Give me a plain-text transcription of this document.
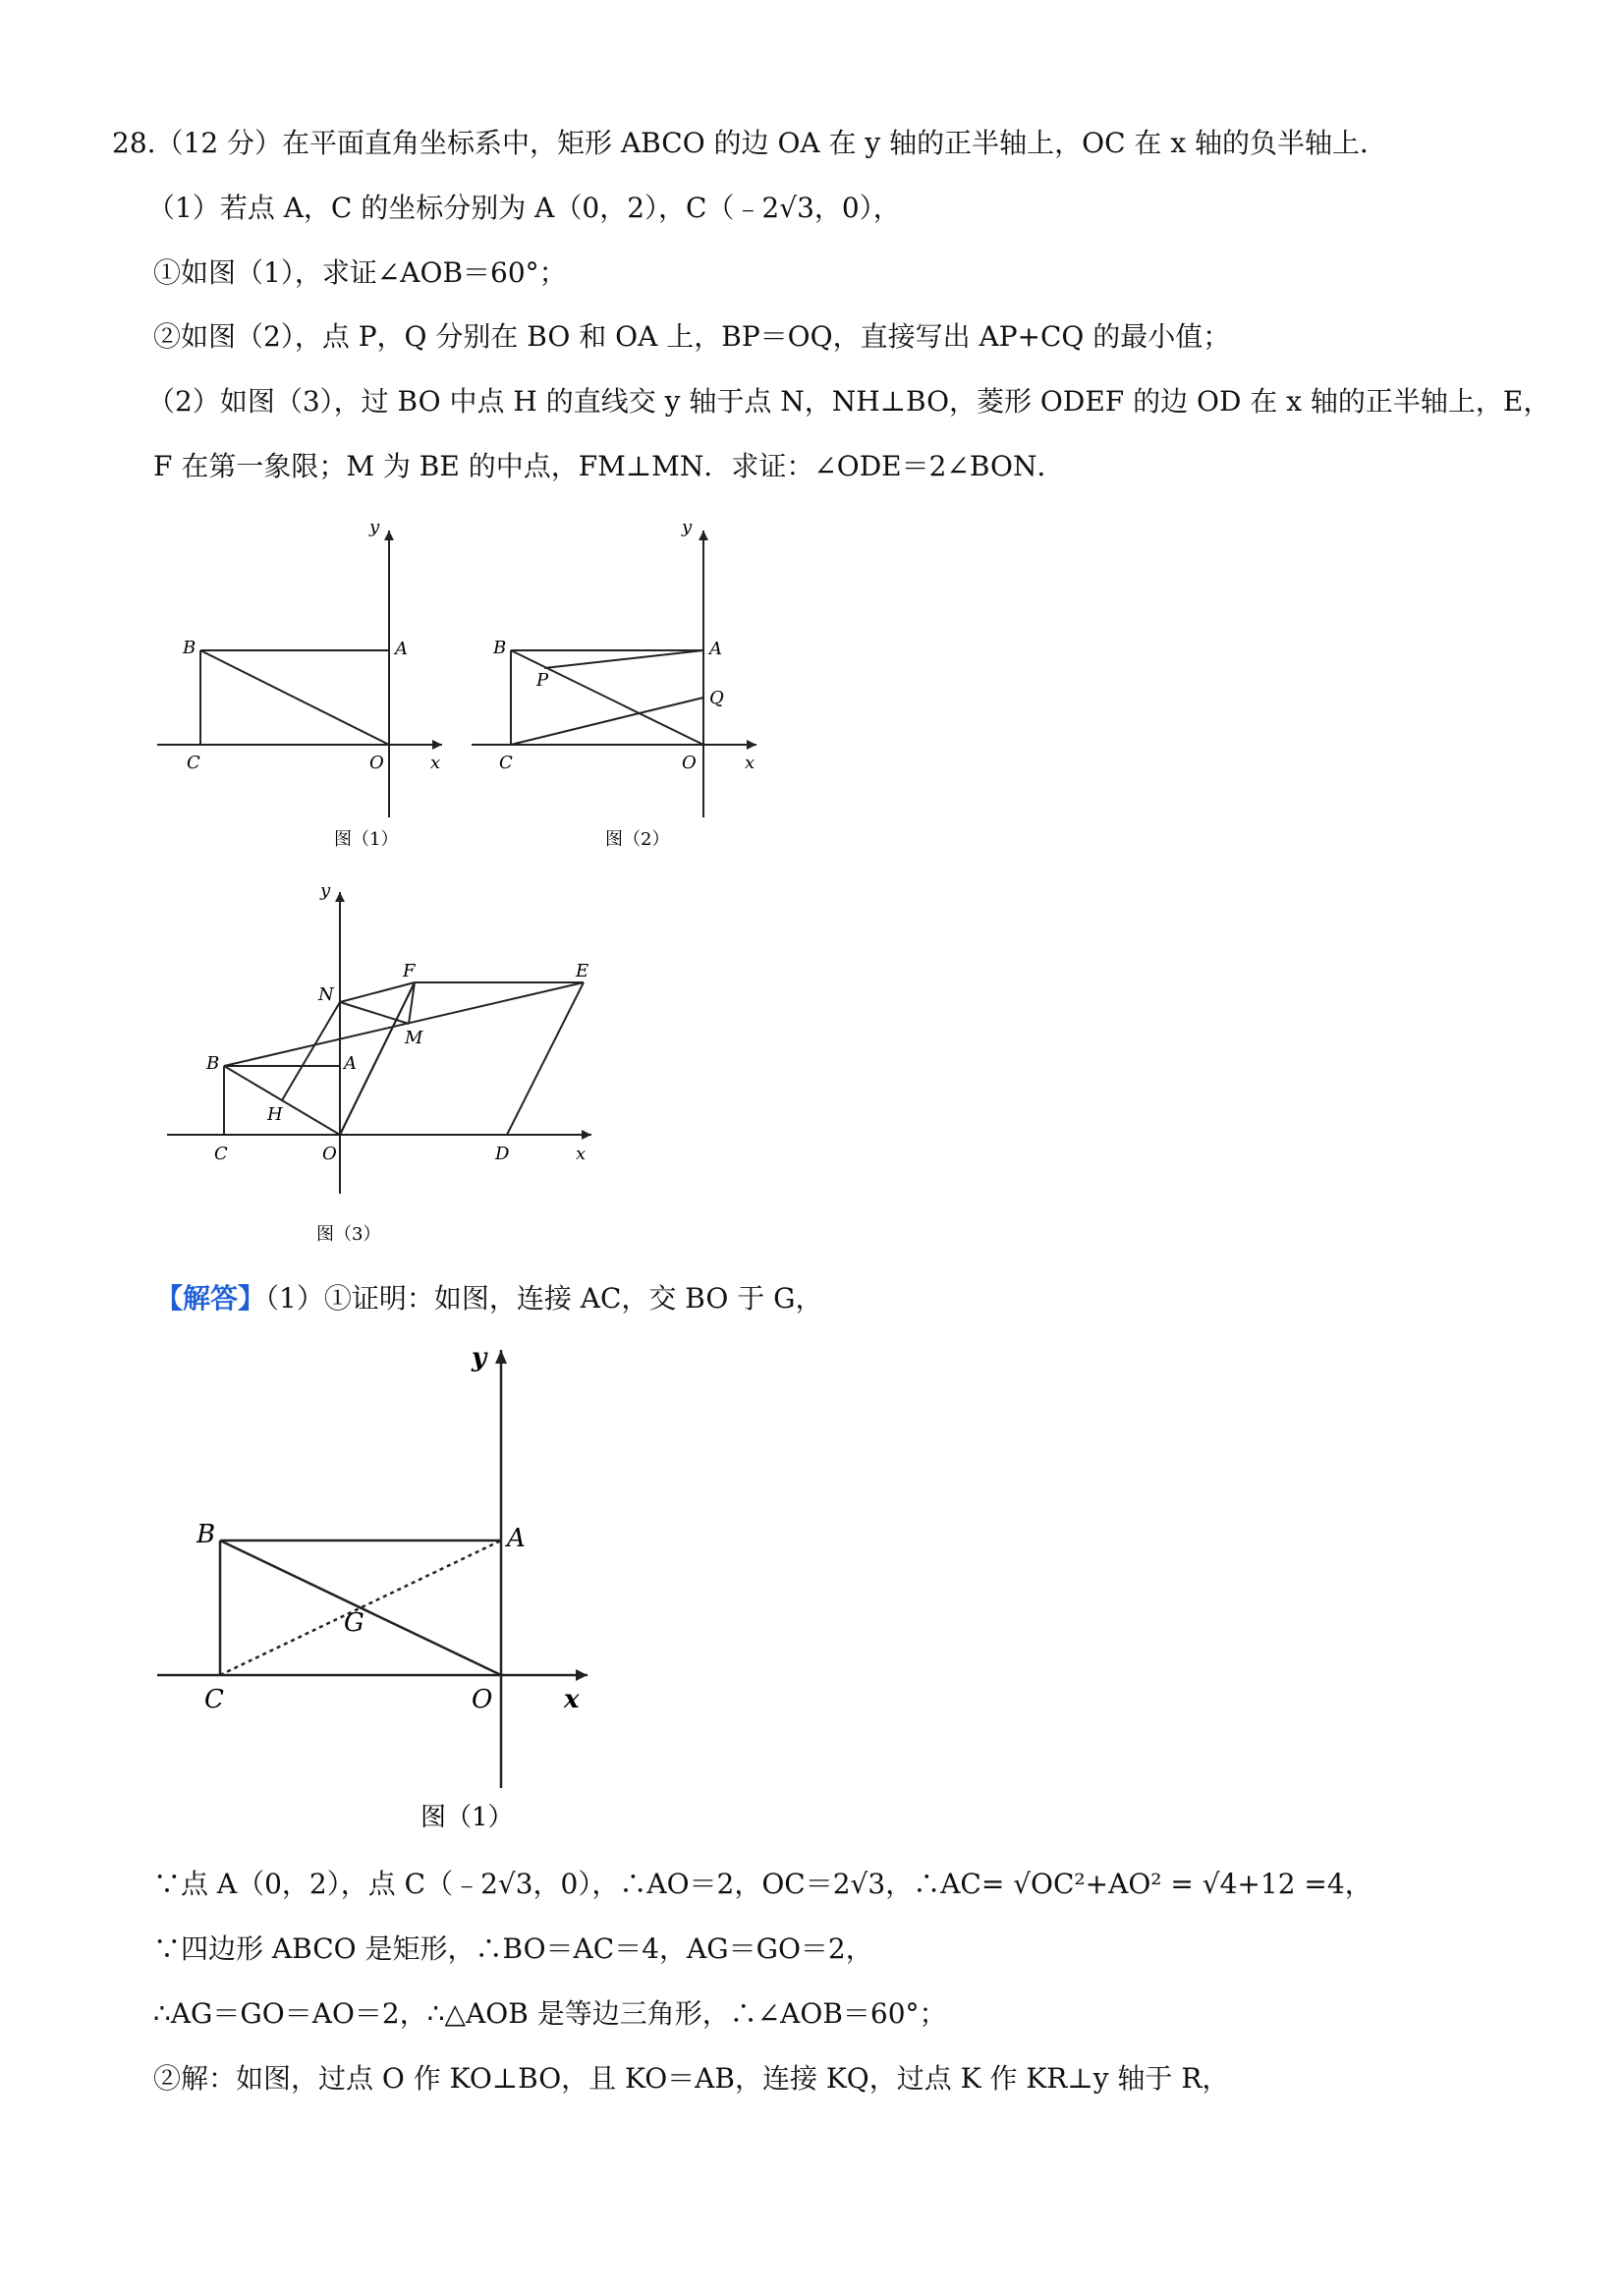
28.（12 分）在平面直角坐标系中，矩形 ABCO 的边 OA 在 y 轴的正半轴上，OC 在 x 轴的负半轴上．
（1）若点 A，C 的坐标分别为 A（0，2），C（﹣2√3，0），
①如图（1），求证∠AOB＝60°；
②如图（2），点 P，Q 分别在 BO 和 OA 上，BP＝OQ，直接写出 AP+CQ 的最小值；
（2）如图（3），过 BO 中点 H 的直线交 y 轴于点 N，NH⊥BO，菱形 ODEF 的边 OD 在 x 轴的正半轴上，E，
F 在第一象限；M 为 BE 的中点，FM⊥MN．求证：∠ODE＝2∠BON．
y
x
B	A
C	O
图（1）
y
x
B	A
C	O
P
Q
图（2）
y
x
B	A
C	O
N
F	E
M
H
D
图（3）
【解答】（1）①证明：如图，连接 AC，交 BO 于 G，
y
x
B	A
C	O
G
图（1）
∵点 A（0，2），点 C（﹣2√3，0），∴AO＝2，OC＝2√3，∴AC= √OC²+AO² = √4+12 =4，
∵四边形 ABCO 是矩形，∴BO＝AC＝4，AG＝GO＝2，
∴AG＝GO＝AO＝2，∴△AOB 是等边三角形，∴∠AOB＝60°；
②解：如图，过点 O 作 KO⊥BO，且 KO＝AB，连接 KQ，过点 K 作 KR⊥y 轴于 R，
